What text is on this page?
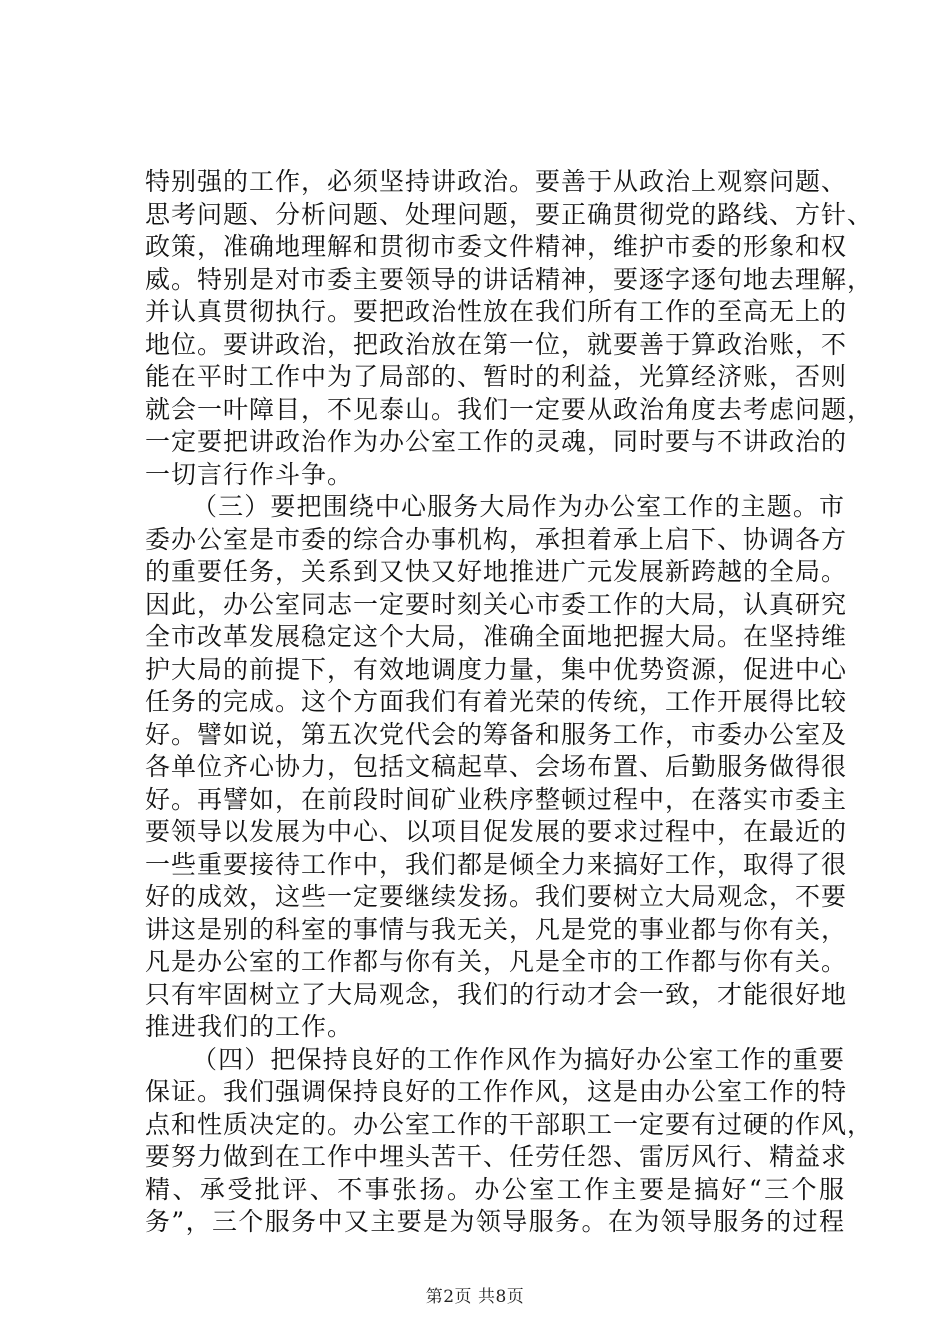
特别强的工作，必须坚持讲政治。要善于从政治上观察问题、
思考问题、分析问题、处理问题，要正确贯彻党的路线、方针、
政策，准确地理解和贯彻市委文件精神，维护市委的形象和权
威。特别是对市委主要领导的讲话精神，要逐字逐句地去理解，
并认真贯彻执行。要把政治性放在我们所有工作的至高无上的
地位。要讲政治，把政治放在第一位，就要善于算政治账，不
能在平时工作中为了局部的、暂时的利益，光算经济账，否则
就会一叶障目，不见泰山。我们一定要从政治角度去考虑问题，
一定要把讲政治作为办公室工作的灵魂，同时要与不讲政治的
一切言行作斗争。
（三）要把围绕中心服务大局作为办公室工作的主题。市
委办公室是市委的综合办事机构，承担着承上启下、协调各方
的重要任务，关系到又快又好地推进广元发展新跨越的全局。
因此，办公室同志一定要时刻关心市委工作的大局，认真研究
全市改革发展稳定这个大局，准确全面地把握大局。在坚持维
护大局的前提下，有效地调度力量，集中优势资源，促进中心
任务的完成。这个方面我们有着光荣的传统，工作开展得比较
好。譬如说，第五次党代会的筹备和服务工作，市委办公室及
各单位齐心协力，包括文稿起草、会场布置、后勤服务做得很
好。再譬如，在前段时间矿业秩序整顿过程中，在落实市委主
要领导以发展为中心、以项目促发展的要求过程中，在最近的
一些重要接待工作中，我们都是倾全力来搞好工作，取得了很
好的成效，这些一定要继续发扬。我们要树立大局观念，不要
讲这是别的科室的事情与我无关，凡是党的事业都与你有关，
凡是办公室的工作都与你有关，凡是全市的工作都与你有关。
只有牢固树立了大局观念，我们的行动才会一致，才能很好地
推进我们的工作。
（四）把保持良好的工作作风作为搞好办公室工作的重要
保证。我们强调保持良好的工作作风，这是由办公室工作的特
点和性质决定的。办公室工作的干部职工一定要有过硬的作风，
要努力做到在工作中埋头苦干、任劳任怨、雷厉风行、精益求
精、承受批评、不事张扬。办公室工作主要是搞好“三个服
务”，三个服务中又主要是为领导服务。在为领导服务的过程
第2页 共8页
